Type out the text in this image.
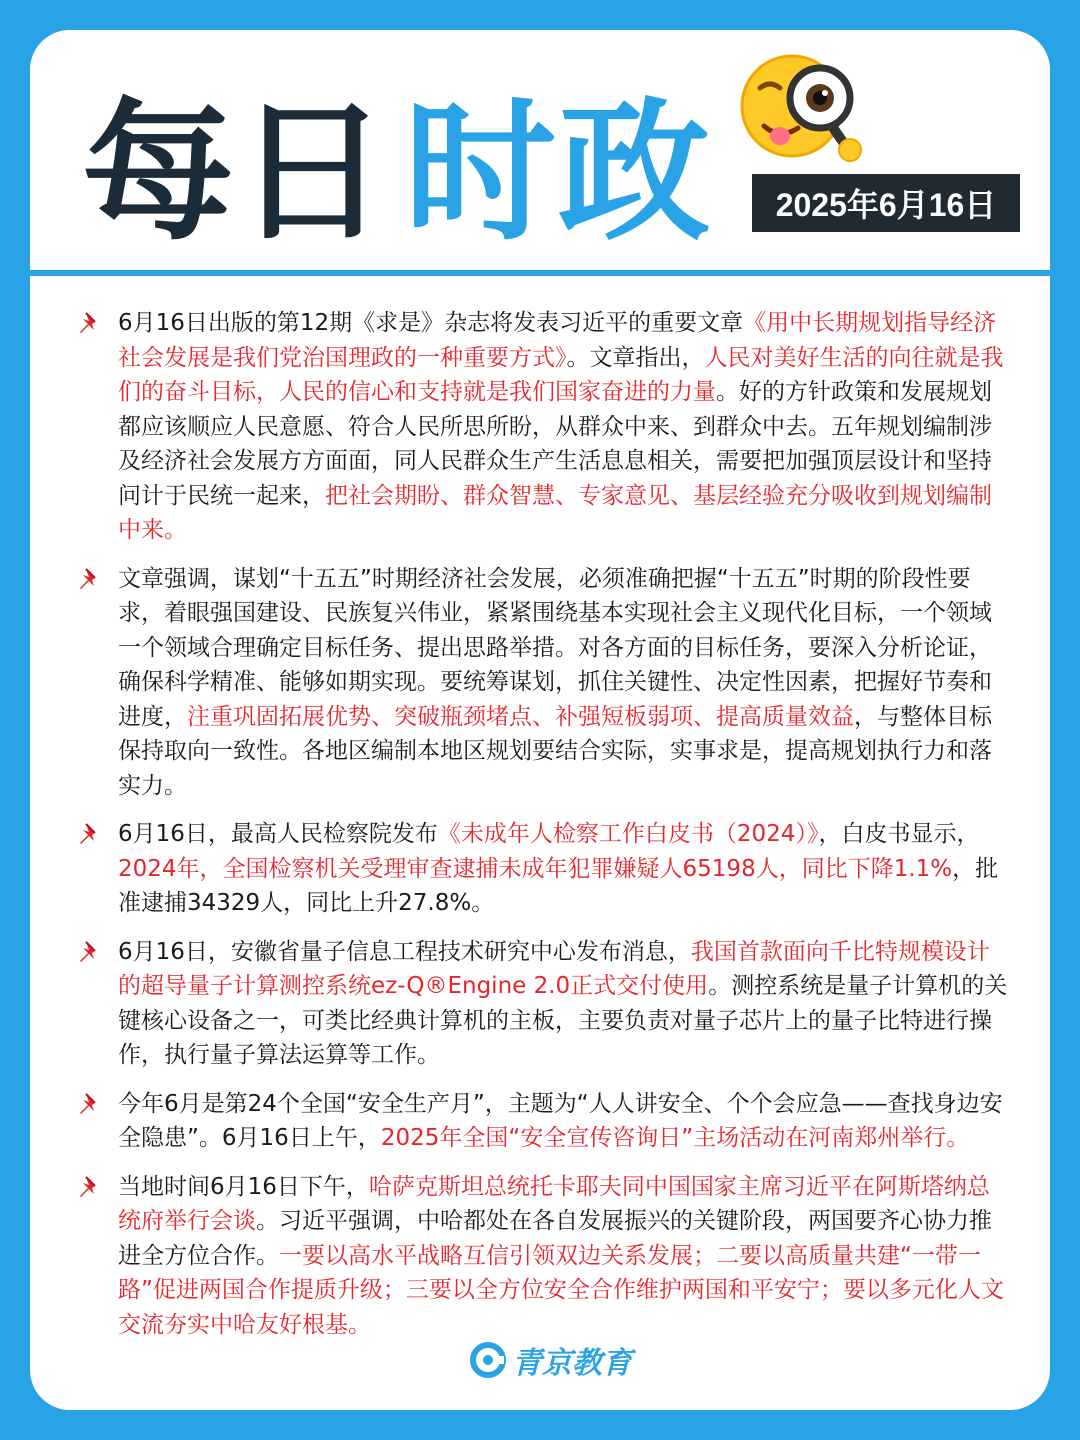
每日 时政	2025年6月16日
6月16日出版的第12期《求是》杂志将发表习近平的重要文章《用中长期规划指导经济社会发展是我们党治国理政的一种重要方式》。文章指出，人民对美好生活的向往就是我们的奋斗目标，人民的信心和支持就是我们国家奋进的力量。好的方针政策和发展规划都应该顺应人民意愿、符合人民所思所盼，从群众中来、到群众中去。五年规划编制涉及经济社会发展方方面面，同人民群众生产生活息息相关，需要把加强顶层设计和坚持问计于民统一起来，把社会期盼、群众智慧、专家意见、基层经验充分吸收到规划编制中来。
文章强调，谋划“十五五”时期经济社会发展，必须准确把握“十五五”时期的阶段性要求，着眼强国建设、民族复兴伟业，紧紧围绕基本实现社会主义现代化目标，一个领域一个领域合理确定目标任务、提出思路举措。对各方面的目标任务，要深入分析论证，确保科学精准、能够如期实现。要统筹谋划，抓住关键性、决定性因素，把握好节奏和进度，注重巩固拓展优势、突破瓶颈堵点、补强短板弱项、提高质量效益，与整体目标保持取向一致性。各地区编制本地区规划要结合实际，实事求是，提高规划执行力和落实力。
6月16日，最高人民检察院发布《未成年人检察工作白皮书（2024）》，白皮书显示，2024年，全国检察机关受理审查逮捕未成年犯罪嫌疑人65198人，同比下降1.1%，批准逮捕34329人，同比上升27.8%。
6月16日，安徽省量子信息工程技术研究中心发布消息，我国首款面向千比特规模设计的超导量子计算测控系统ez-Q®Engine 2.0正式交付使用。测控系统是量子计算机的关键核心设备之一，可类比经典计算机的主板，主要负责对量子芯片上的量子比特进行操作，执行量子算法运算等工作。
今年6月是第24个全国“安全生产月”，主题为“人人讲安全、个个会应急——查找身边安全隐患”。6月16日上午，2025年全国“安全宣传咨询日”主场活动在河南郑州举行。
当地时间6月16日下午，哈萨克斯坦总统托卡耶夫同中国国家主席习近平在阿斯塔纳总统府举行会谈。习近平强调，中哈都处在各自发展振兴的关键阶段，两国要齐心协力推进全方位合作。一要以高水平战略互信引领双边关系发展；二要以高质量共建“一带一路”促进两国合作提质升级；三要以全方位安全合作维护两国和平安宁；要以多元化人文交流夯实中哈友好根基。
青京教育
